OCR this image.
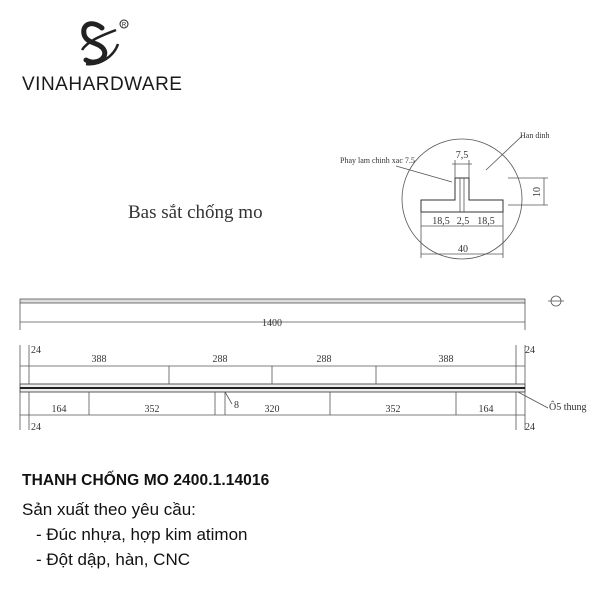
R
VINAHARDWARE
Bas sắt chống mo
Phay lam chinh xac 7.5
Han dinh
7,5
10
18,5 2,5 18,5
40
1400
24
388	288	288	388
24
24
164	352	320	352	164
24
8	Ô5 thung
THANH CHỐNG MO 2400.1.14016
Sản xuất theo yêu cầu:
- Đúc nhựa, hợp kim atimon
- Đột dập, hàn, CNC
